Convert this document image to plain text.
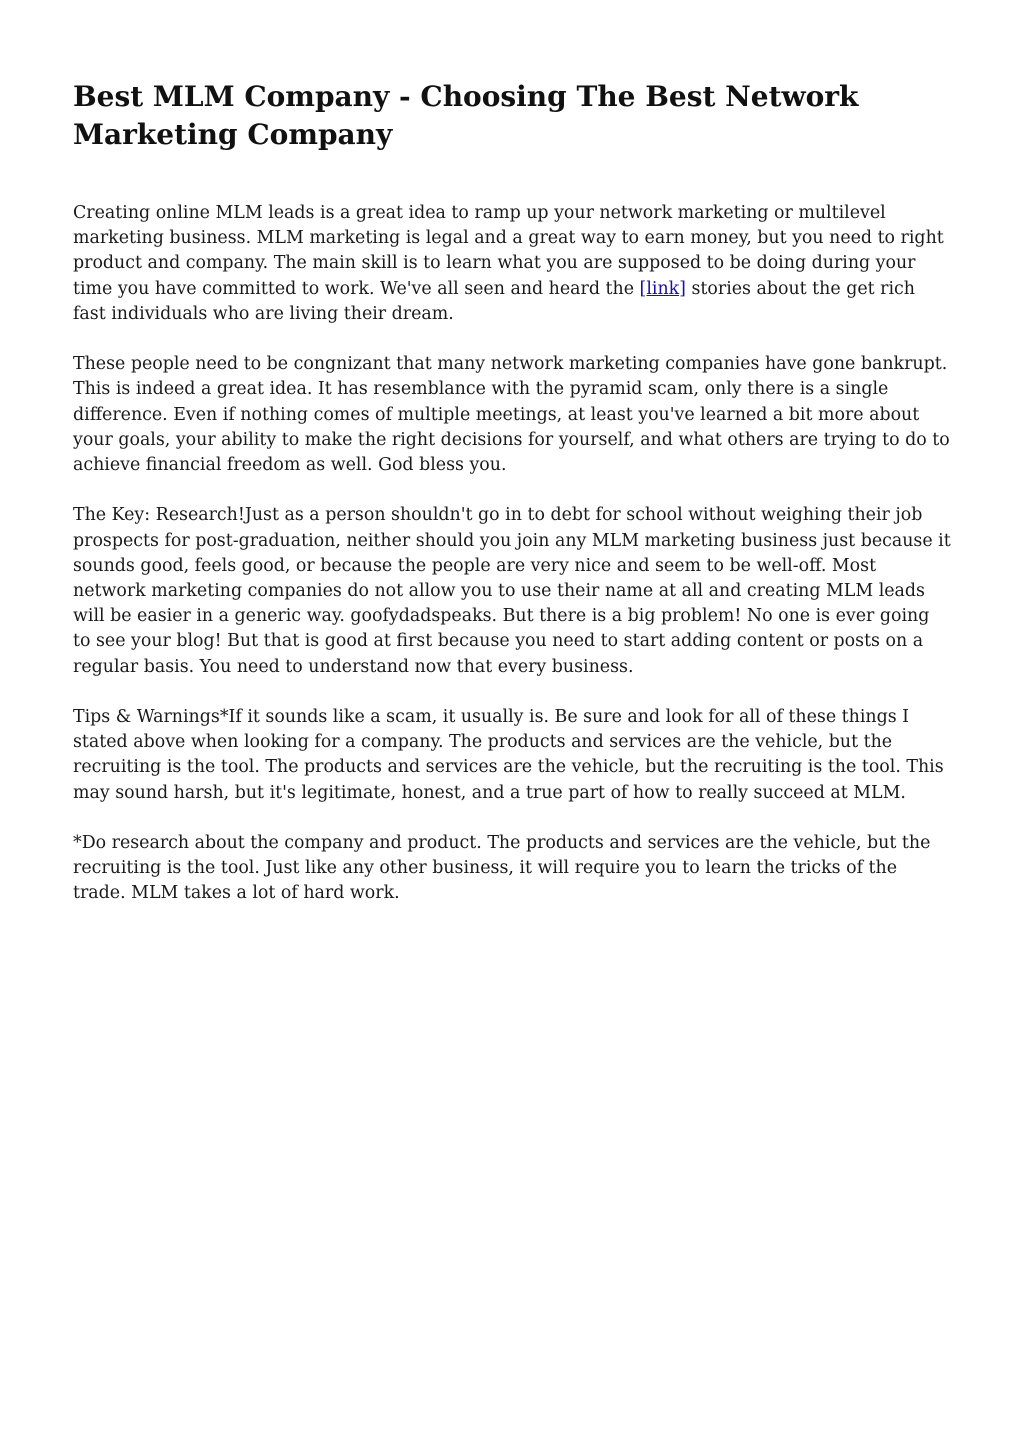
Best MLM Company - Choosing The Best Network Marketing Company

Creating online MLM leads is a great idea to ramp up your network marketing or multilevel marketing business. MLM marketing is legal and a great way to earn money, but you need to right product and company. The main skill is to learn what you are supposed to be doing during your time you have committed to work. We've all seen and heard the [link] stories about the get rich fast individuals who are living their dream.

These people need to be congnizant that many network marketing companies have gone bankrupt. This is indeed a great idea. It has resemblance with the pyramid scam, only there is a single difference. Even if nothing comes of multiple meetings, at least you've learned a bit more about your goals, your ability to make the right decisions for yourself, and what others are trying to do to achieve financial freedom as well. God bless you.

The Key: Research!Just as a person shouldn't go in to debt for school without weighing their job prospects for post-graduation, neither should you join any MLM marketing business just because it sounds good, feels good, or because the people are very nice and seem to be well-off. Most network marketing companies do not allow you to use their name at all and creating MLM leads will be easier in a generic way. goofydadspeaks. But there is a big problem! No one is ever going to see your blog! But that is good at first because you need to start adding content or posts on a regular basis. You need to understand now that every business.

Tips & Warnings*If it sounds like a scam, it usually is. Be sure and look for all of these things I stated above when looking for a company. The products and services are the vehicle, but the recruiting is the tool. The products and services are the vehicle, but the recruiting is the tool. This may sound harsh, but it's legitimate, honest, and a true part of how to really succeed at MLM.

*Do research about the company and product. The products and services are the vehicle, but the recruiting is the tool. Just like any other business, it will require you to learn the tricks of the trade. MLM takes a lot of hard work.
